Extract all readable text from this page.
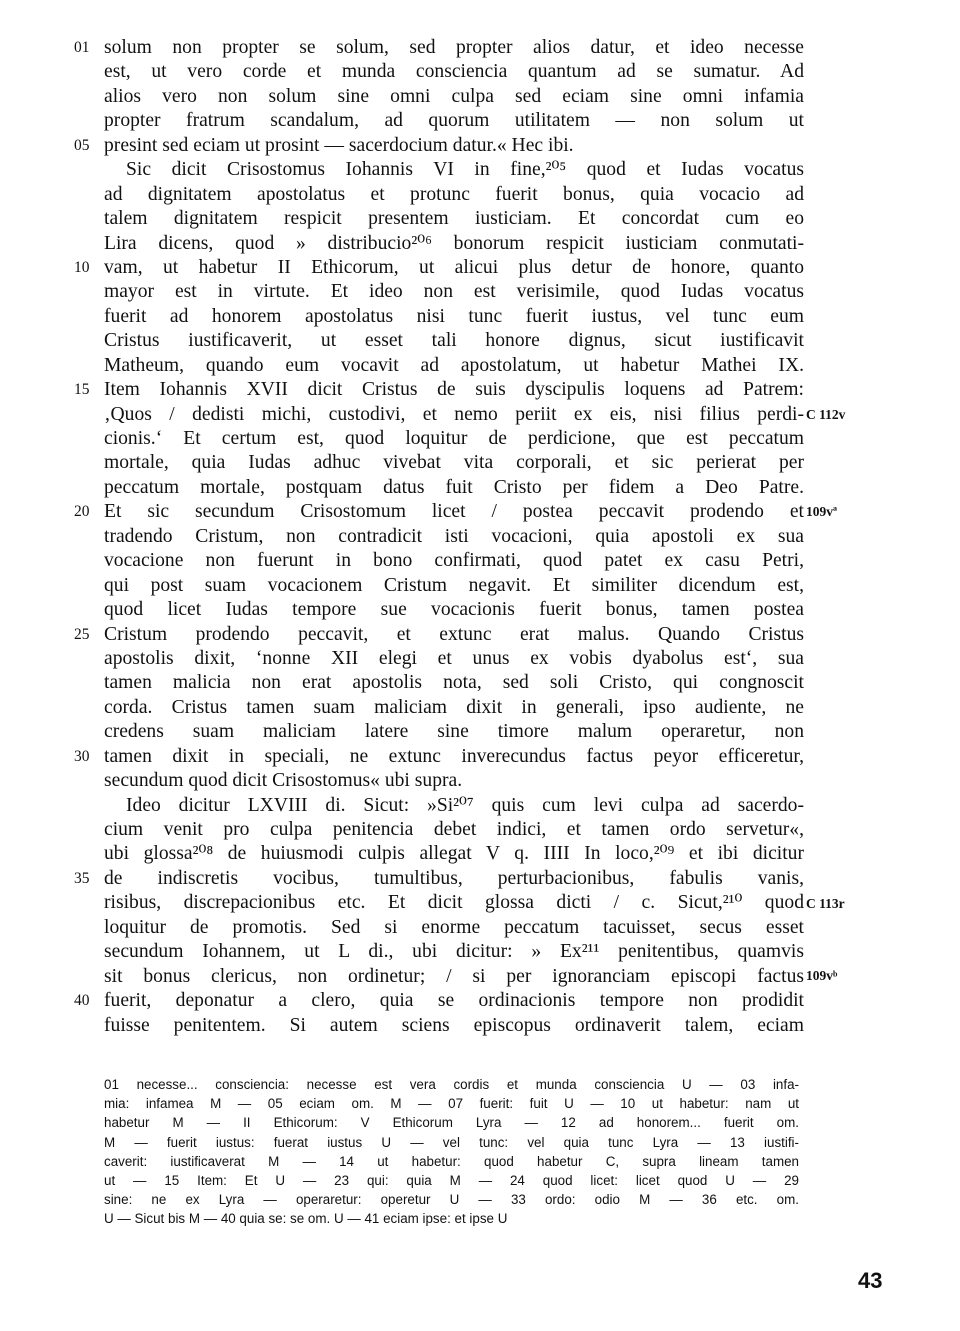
solum non propter se solum, sed propter alios datur, et ideo necesse
est, ut vero corde et munda consciencia quantum ad se sumatur. Ad
alios vero non solum sine omni culpa sed eciam sine omni infamia
propter fratrum scandalum, ad quorum utilitatem — non solum ut
presint sed eciam ut prosint — sacerdocium datur.« Hec ibi.
Sic dicit Crisostomus Iohannis VI in fine,²⁰⁵ quod et Iudas vocatus
ad dignitatem apostolatus et protunc fuerit bonus, quia vocacio ad
talem dignitatem respicit presentem iusticiam. Et concordat cum eo
Lira dicens, quod » distribucio²⁰⁶ bonorum respicit iusticiam conmutati-
vam, ut habetur II Ethicorum, ut alicui plus detur de honore, quanto
mayor est in virtute. Et ideo non est verisimile, quod Iudas vocatus
fuerit ad honorem apostolatus nisi tunc fuerit iustus, vel tunc eum
Cristus iustificaverit, ut esset tali honore dignus, sicut iustificavit
Matheum, quando eum vocavit ad apostolatum, ut habetur Mathei IX.
Item Iohannis XVII dicit Cristus de suis dyscipulis loquens ad Patrem:
‚Quos / dedisti michi, custodivi, et nemo periit ex eis, nisi filius perdi-
cionis.‘ Et certum est, quod loquitur de perdicione, que est peccatum
mortale, quia Iudas adhuc vivebat vita corporali, et sic perierat per
peccatum mortale, postquam datus fuit Cristo per fidem a Deo Patre.
Et sic secundum Crisostomum licet / postea peccavit prodendo et
tradendo Cristum, non contradicit isti vocacioni, quia apostoli ex sua
vocacione non fuerunt in bono confirmati, quod patet ex casu Petri,
qui post suam vocacionem Cristum negavit. Et similiter dicendum est,
quod licet Iudas tempore sue vocacionis fuerit bonus, tamen postea
Cristum prodendo peccavit, et extunc erat malus. Quando Cristus
apostolis dixit, ‘nonne XII elegi et unus ex vobis dyabolus est‘, sua
tamen malicia non erat apostolis nota, sed soli Cristo, qui congnoscit
corda. Cristus tamen suam maliciam dixit in generali, ipso audiente, ne
credens suam maliciam latere sine timore malum operaretur, non
tamen dixit in speciali, ne extunc inverecundus factus peyor efficeretur,
secundum quod dicit Crisostomus« ubi supra.
Ideo dicitur LXVIII di. Sicut: »Si²⁰⁷ quis cum levi culpa ad sacerdo-
cium venit pro culpa penitencia debet indici, et tamen ordo servetur«,
ubi glossa²⁰⁸ de huiusmodi culpis allegat V q. IIII In loco,²⁰⁹ et ibi dicitur
de indiscretis vocibus, tumultibus, perturbacionibus, fabulis vanis,
risibus, discrepacionibus etc. Et dicit glossa dicti / c. Sicut,²¹⁰ quod
loquitur de promotis. Sed si enorme peccatum tacuisset, secus esset
secundum Iohannem, ut L di., ubi dicitur: » Ex²¹¹ penitentibus, quamvis
sit bonus clericus, non ordinetur; / si per ignoranciam episcopi factus
fuerit, deponatur a clero, quia se ordinacionis tempore non prodidit
fuisse penitentem. Si autem sciens episcopus ordinaverit talem, eciam
01
05
10
15
20
25
30
35
40
C 112v
109vª
C 113r
109vᵇ
01 necesse... consciencia: necesse est vera cordis et munda consciencia U — 03 infa-
mia: infamea M — 05 eciam om. M — 07 fuerit: fuit U — 10 ut habetur: nam ut
habetur M — II Ethicorum: V Ethicorum Lyra — 12 ad honorem... fuerit om.
M — fuerit iustus: fuerat iustus U — vel tunc: vel quia tunc Lyra — 13 iustifi-
caverit: iustificaverat M — 14 ut habetur: quod habetur C, supra lineam tamen
ut — 15 Item: Et U — 23 qui: quia M — 24 quod licet: licet quod U — 29
sine: ne ex Lyra — operaretur: operetur U — 33 ordo: odio M — 36 etc. om.
U — Sicut bis M — 40 quia se: se om. U — 41 eciam ipse: et ipse U
43
